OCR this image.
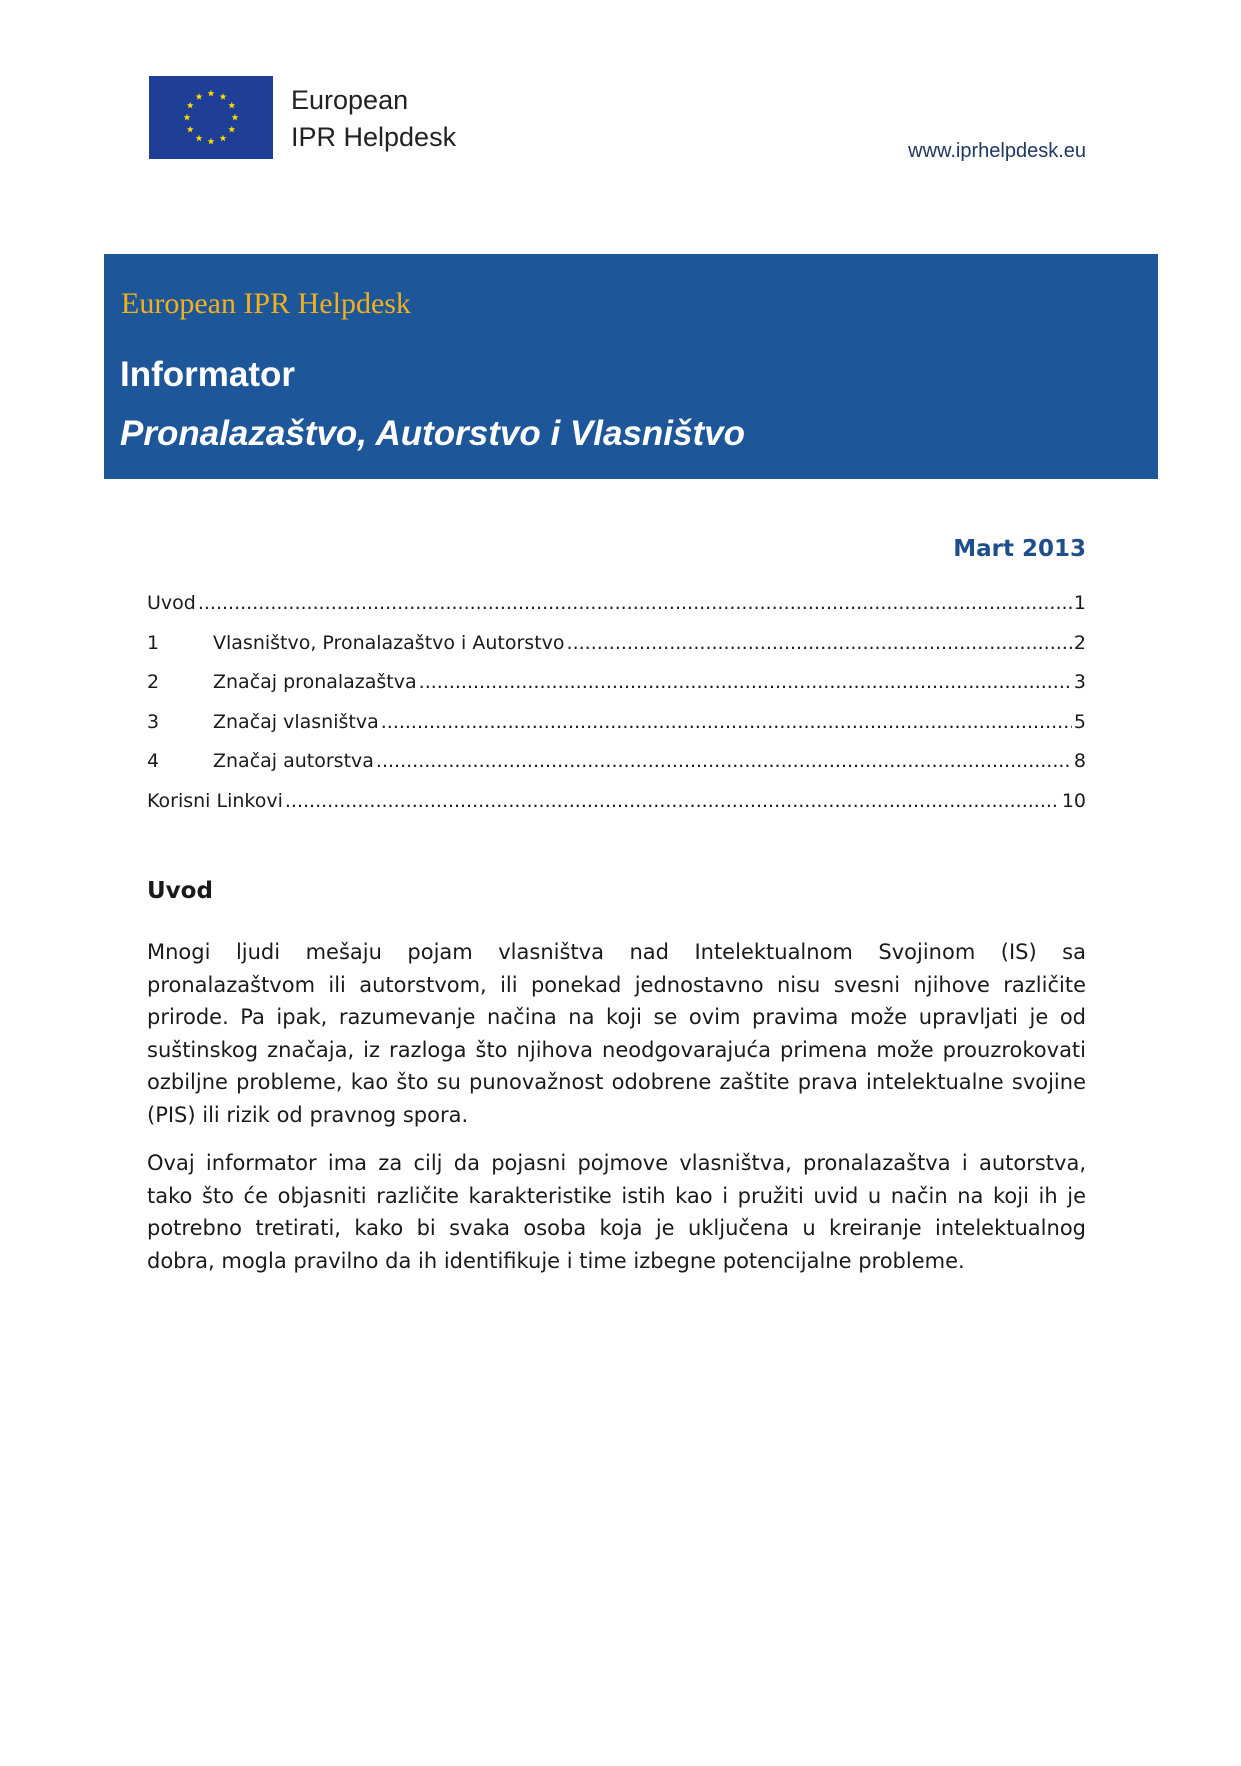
European
IPR Helpdesk	www.iprhelpdesk.eu
European IPR Helpdesk
Informator
Pronalazaštvo, Autorstvo i Vlasništvo
Mart 2013
Uvod .....	1
1	Vlasništvo, Pronalazaštvo i Autorstvo .....	2
2	Značaj pronalazaštva .....	3
3	Značaj vlasništva .....	5
4	Značaj autorstva .....	8
Korisni Linkovi .....	10
Uvod

Mnogi ljudi mešaju pojam vlasništva nad Intelektualnom Svojinom (IS) sa pronalazaštvom ili autorstvom, ili ponekad jednostavno nisu svesni njihove različite prirode. Pa ipak, razumevanje načina na koji se ovim pravima može upravljati je od suštinskog značaja, iz razloga što njihova neodgovarajuća primena može prouzrokovati ozbiljne probleme, kao što su punovažnost odobrene zaštite prava intelektualne svojine (PIS) ili rizik od pravnog spora.

Ovaj informator ima za cilj da pojasni pojmove vlasništva, pronalazaštva i autorstva, tako što će objasniti različite karakteristike istih kao i pružiti uvid u način na koji ih je potrebno tretirati, kako bi svaka osoba koja je uključena u kreiranje intelektualnog dobra, mogla pravilno da ih identifikuje i time izbegne potencijalne probleme.
